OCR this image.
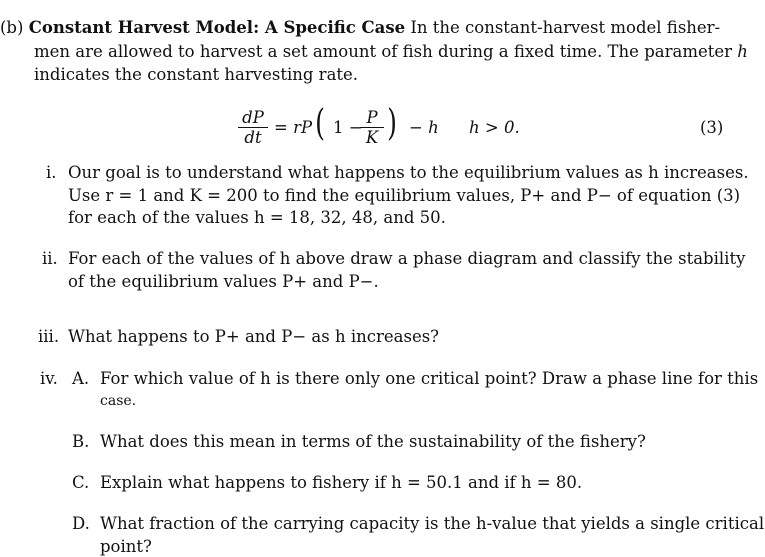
(b) Constant Harvest Model: A Specific Case In the constant-harvest model fisher-
men are allowed to harvest a set amount of fish during a fixed time. The parameter h
indicates the constant harvesting rate.
$\frac{dP}{dt}$ = rP ( 1 −
$\frac{P}{K}$ ) − h h > 0.	(3)
i. Our goal is to understand what happens to the equilibrium values as h increases.
Use r = 1 and K = 200 to find the equilibrium values, P+ and P− of equation (3)
for each of the values h = 18, 32, 48, and 50.
ii. For each of the values of h above draw a phase diagram and classify the stability
of the equilibrium values P+ and P−.
iii. What happens to P+ and P− as h increases?
iv. A. For which value of h is there only one critical point? Draw a phase line for this
case.
B. What does this mean in terms of the sustainability of the fishery?
C. Explain what happens to fishery if h = 50.1 and if h = 80.
D. What fraction of the carrying capacity is the h-value that yields a single critical
point?
